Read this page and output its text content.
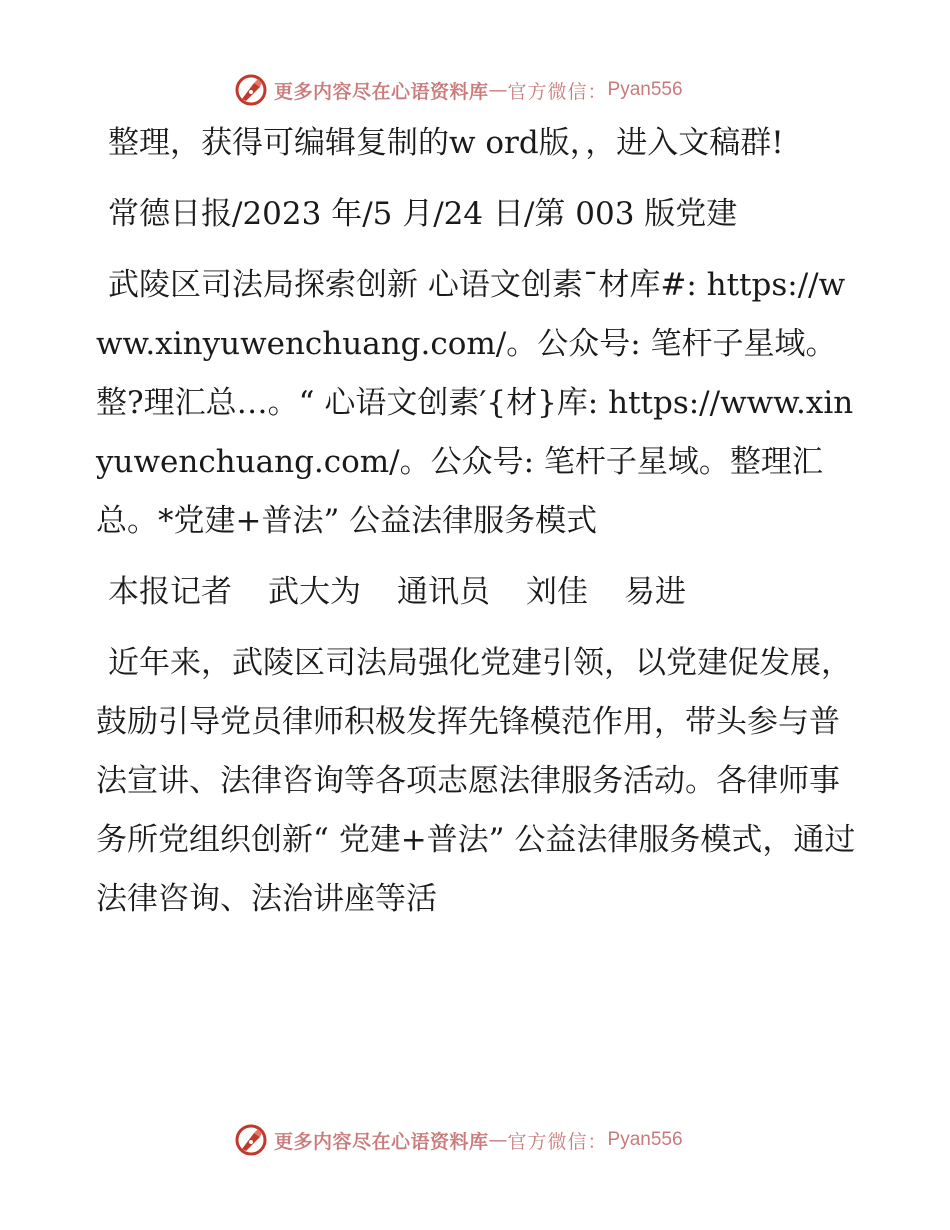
更多内容尽在心语资料库 — 官方微信： Pyan556

整理，获得可编辑复制的w ord版，，进入文稿群!

常德日报/2023 年/5 月/24 日/第 003 版党建

武陵区司法局探索创新 心语文创素¯材库#: https://www.xinyuwenchuang.com/。公众号: 笔杆子星域。整?理汇总…。“ 心语文创素′{材}库: https://www.xinyuwenchuang.com/。公众号: 笔杆子星域。整理汇总。*党建+普法” 公益法律服务模式

本报记者 武大为 通讯员 刘佳 易进

近年来，武陵区司法局强化党建引领，以党建促发展，鼓励引导党员律师积极发挥先锋模范作用，带头参与普法宣讲、法律咨询等各项志愿法律服务活动。各律师事务所党组织创新“ 党建+普法” 公益法律服务模式，通过法律咨询、法治讲座等活

更多内容尽在心语资料库 — 官方微信： Pyan556
